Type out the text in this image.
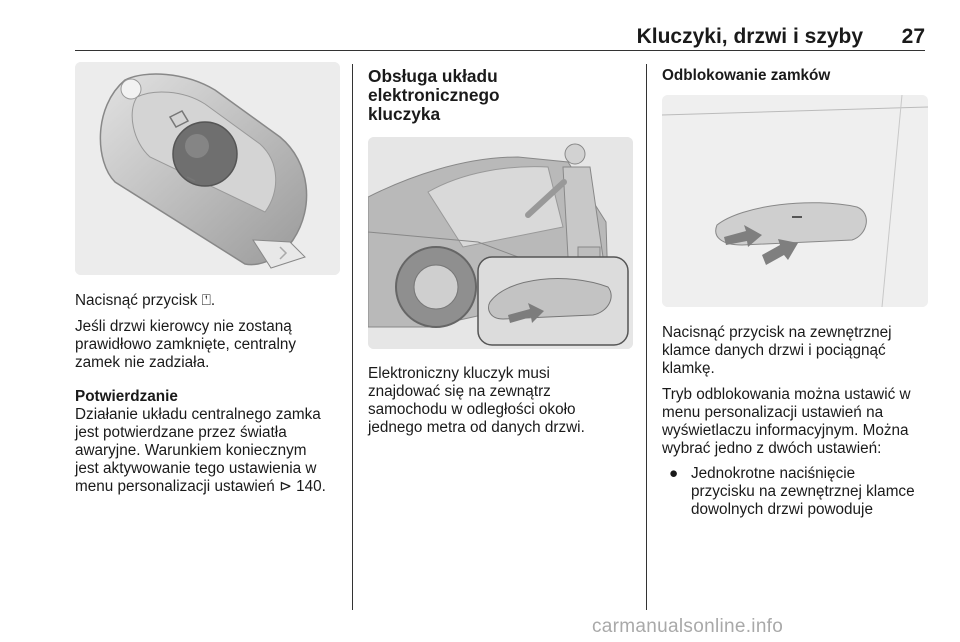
Kluczyki, drzwi i szyby 27

Nacisnąć przycisk ⍞.

Jeśli drzwi kierowcy nie zostaną
prawidłowo zamknięte, centralny
zamek nie zadziała.

Potwierdzanie

Działanie układu centralnego zamka
jest potwierdzane przez światła
awaryjne. Warunkiem koniecznym
jest aktywowanie tego ustawienia w
menu personalizacji ustawień ⊳ 140.

Obsługa układu elektronicznego
kluczyka

Elektroniczny kluczyk musi
znajdować się na zewnątrz
samochodu w odległości około
jednego metra od danych drzwi.

Odblokowanie zamków

Nacisnąć przycisk na zewnętrznej
klamce danych drzwi i pociągnąć
klamkę.

Tryb odblokowania można ustawić w
menu personalizacji ustawień na
wyświetlaczu informacyjnym. Można
wybrać jedno z dwóch ustawień:

● Jednokrotne naciśnięcie
przycisku na zewnętrznej klamce
dowolnych drzwi powoduje
carmanualsonline.info
